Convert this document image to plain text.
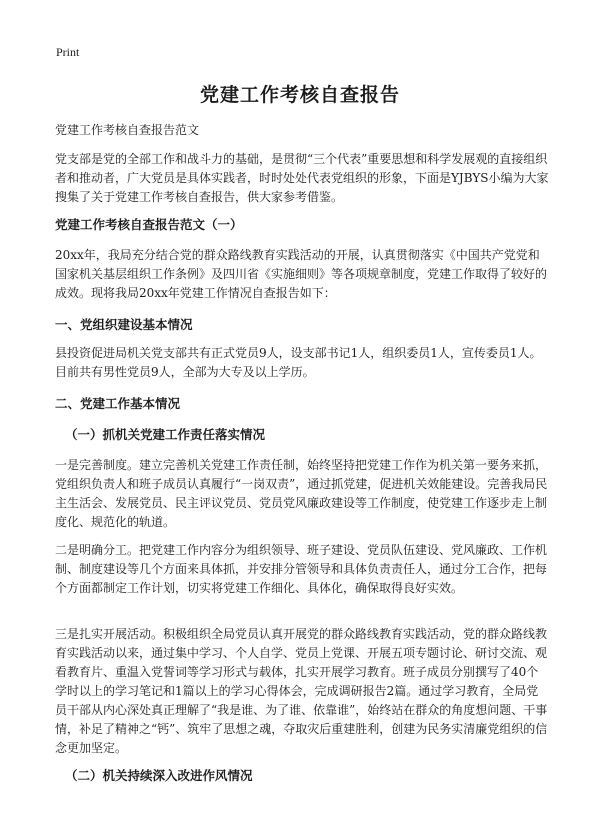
Print
党建工作考核自查报告

党建工作考核自查报告范文

党支部是党的全部工作和战斗力的基础，是贯彻“三个代表”重要思想和科学发展观的直接组织者和推动者，广大党员是具体实践者，时时处处代表党组织的形象，下面是YJBYS小编为大家搜集了关于党建工作考核自查报告，供大家参考借鉴。

党建工作考核自查报告范文（一）

20xx年，我局充分结合党的群众路线教育实践活动的开展，认真贯彻落实《中国共产党党和国家机关基层组织工作条例》及四川省《实施细则》等各项规章制度，党建工作取得了较好的成效。现将我局20xx年党建工作情况自查报告如下：

一、党组织建设基本情况

县投资促进局机关党支部共有正式党员9人，设支部书记1人，组织委员1人，宣传委员1人。目前共有男性党员9人，全部为大专及以上学历。

二、党建工作基本情况

（一）抓机关党建工作责任落实情况

一是完善制度。建立完善机关党建工作责任制，始终坚持把党建工作作为机关第一要务来抓，党组织负责人和班子成员认真履行“一岗双责”，通过抓党建，促进机关效能建设。完善我局民主生活会、发展党员、民主评议党员、党员党风廉政建设等工作制度，使党建工作逐步走上制度化、规范化的轨道。

二是明确分工。把党建工作内容分为组织领导、班子建设、党员队伍建设、党风廉政、工作机制、制度建设等几个方面来具体抓，并安排分管领导和具体负责责任人，通过分工合作，把每个方面都制定工作计划，切实将党建工作细化、具体化，确保取得良好实效。

三是扎实开展活动。积极组织全局党员认真开展党的群众路线教育实践活动，党的群众路线教育实践活动以来，通过集中学习、个人自学、党员上党课、开展五项专题讨论、研讨交流、观看教育片、重温入党誓词等学习形式与载体，扎实开展学习教育。班子成员分别撰写了40个学时以上的学习笔记和1篇以上的学习心得体会，完成调研报告2篇。通过学习教育，全局党员干部从内心深处真正理解了“我是谁、为了谁、依靠谁”，始终站在群众的角度想问题、干事情，补足了精神之“钙”、筑牢了思想之魂，夺取灾后重建胜利，创建为民务实清廉党组织的信念更加坚定。

（二）机关持续深入改进作风情况
